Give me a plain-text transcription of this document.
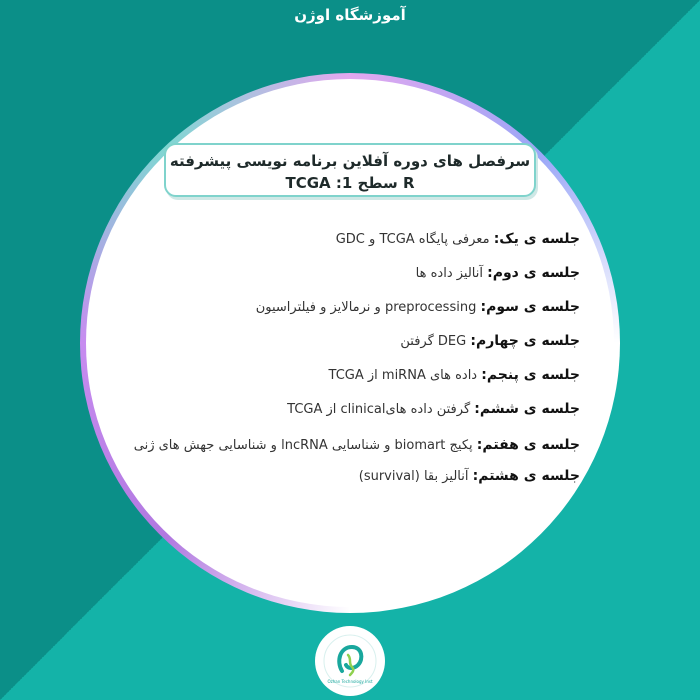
آموزشگاه اوژن
سرفصل های دوره آفلاین برنامه نویسی پیشرفته
R سطح 1: TCGA
جلسه ی یک: معرفی پایگاه TCGA و GDC
جلسه ی دوم: آنالیز داده ها
جلسه ی سوم: preprocessing و نرمالایز و فیلتراسیون
جلسه ی چهارم: DEG گرفتن
جلسه ی پنجم: داده های miRNA از TCGA
جلسه ی ششم: گرفتن داده هایclinical از TCGA
جلسه ی هفتم: پکیج biomart و شناسایی lncRNA و شناسایی جهش های ژنی
جلسه ی هشتم: آنالیز بقا (survival)
Ozhan Technology Inst
